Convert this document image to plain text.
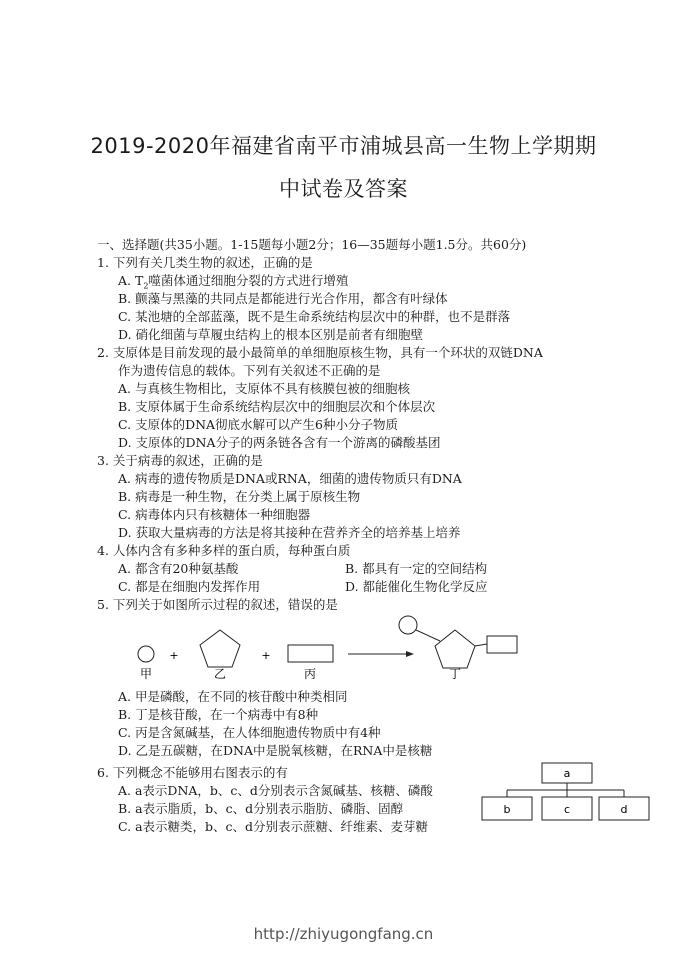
2019-2020年福建省南平市浦城县高一生物上学期期
中试卷及答案
一、选择题(共35小题。1-15题每小题2分；16—35题每小题1.5分。共60分)
1. 下列有关几类生物的叙述，正确的是
A. $T_2$噬菌体通过细胞分裂的方式进行增殖
B. 颤藻与黑藻的共同点是都能进行光合作用，都含有叶绿体
C. 某池塘的全部蓝藻，既不是生命系统结构层次中的种群，也不是群落
D. 硝化细菌与草履虫结构上的根本区别是前者有细胞壁
2. 支原体是目前发现的最小最简单的单细胞原核生物，具有一个环状的双链DNA
作为遗传信息的载体。下列有关叙述不正确的是
A. 与真核生物相比，支原体不具有核膜包被的细胞核
B. 支原体属于生命系统结构层次中的细胞层次和个体层次
C. 支原体的DNA彻底水解可以产生6种小分子物质
D. 支原体的DNA分子的两条链各含有一个游离的磷酸基团
3. 关于病毒的叙述，正确的是
A. 病毒的遗传物质是DNA或RNA，细菌的遗传物质只有DNA
B. 病毒是一种生物，在分类上属于原核生物
C. 病毒体内只有核糖体一种细胞器
D. 获取大量病毒的方法是将其接种在营养齐全的培养基上培养
4. 人体内含有多种多样的蛋白质，每种蛋白质
A. 都含有20种氨基酸	B. 都具有一定的空间结构
C. 都是在细胞内发挥作用	D. 都能催化生物化学反应
5. 下列关于如图所示过程的叙述，错误的是
甲
+
乙
+
丙	丁
a
b	c	d
A. 甲是磷酸，在不同的核苷酸中种类相同
B. 丁是核苷酸，在一个病毒中有8种
C. 丙是含氮碱基，在人体细胞遗传物质中有4种
D. 乙是五碳糖，在DNA中是脱氧核糖，在RNA中是核糖
6. 下列概念不能够用右图表示的有
A. a表示DNA，b、c、d分别表示含氮碱基、核糖、磷酸
B. a表示脂质，b、c、d分别表示脂肪、磷脂、固醇
C. a表示糖类，b、c、d分别表示蔗糖、纤维素、麦芽糖
http://zhiyugongfang.cn
